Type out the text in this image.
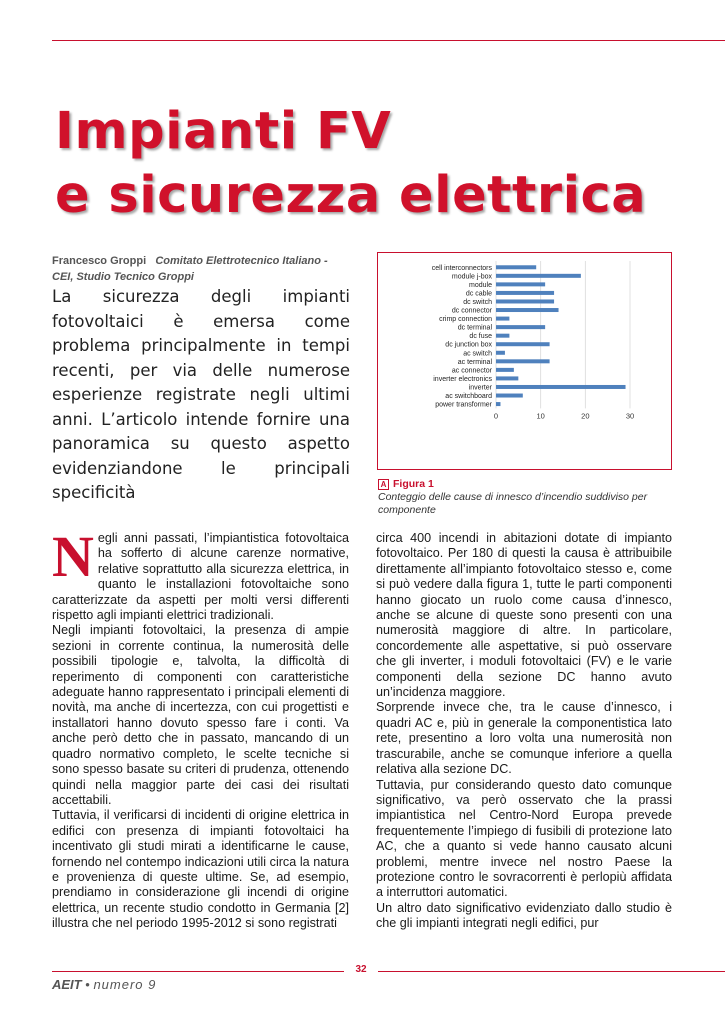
Impianti FV
e sicurezza elettrica
Francesco Groppi Comitato Elettrotecnico Italiano - CEI, Studio Tecnico Groppi

La sicurezza degli impianti fotovoltaici è emersa come problema principalmente in tempi recenti, per via delle numerose esperienze registrate negli ultimi anni. L’articolo intende fornire una panoramica su questo aspetto evidenziandone le principali specificità

0	10	20	30
cell interconnectors
module j-box
module
dc cable
dc switch
dc connector
crimp connection
dc terminal
dc fuse
dc junction box
ac switch
ac terminal
ac connector
inverter electronics
inverter
ac switchboard
power transformer
A Figura 1
Conteggio delle cause di innesco d’incendio suddiviso per componente

Negli anni passati, l’impiantistica fotovoltaica ha sofferto di alcune carenze normative, relative soprattutto alla sicurezza elettrica, in quanto le installazioni fotovoltaiche sono caratterizzate da aspetti per molti versi differenti rispetto agli impianti elettrici tradizionali.

Negli impianti fotovoltaici, la presenza di ampie sezioni in corrente continua, la numerosità delle possibili tipologie e, talvolta, la difficoltà di reperimento di componenti con caratteristiche adeguate hanno rappresentato i principali elementi di novità, ma anche di incertezza, con cui progettisti e installatori hanno dovuto spesso fare i conti. Va anche però detto che in passato, mancando di un quadro normativo completo, le scelte tecniche si sono spesso basate su criteri di prudenza, ottenendo quindi nella maggior parte dei casi dei risultati accettabili.

Tuttavia, il verificarsi di incidenti di origine elettrica in edifici con presenza di impianti fotovoltaici ha incentivato gli studi mirati a identificarne le cause, fornendo nel contempo indicazioni utili circa la natura e provenienza di queste ultime. Se, ad esempio, prendiamo in considerazione gli incendi di origine elettrica, un recente studio condotto in Germania [2] illustra che nel periodo 1995-2012 si sono registrati

circa 400 incendi in abitazioni dotate di impianto fotovoltaico. Per 180 di questi la causa è attribuibile direttamente all’impianto fotovoltaico stesso e, come si può vedere dalla figura 1, tutte le parti componenti hanno giocato un ruolo come causa d’innesco, anche se alcune di queste sono presenti con una numerosità maggiore di altre. In particolare, concordemente alle aspettative, si può osservare che gli inverter, i moduli fotovoltaici (FV) e le varie componenti della sezione DC hanno avuto un’incidenza maggiore.

Sorprende invece che, tra le cause d’innesco, i quadri AC e, più in generale la componentistica lato rete, presentino a loro volta una numerosità non trascurabile, anche se comunque inferiore a quella relativa alla sezione DC.

Tuttavia, pur considerando questo dato comunque significativo, va però osservato che la prassi impiantistica nel Centro-Nord Europa prevede frequentemente l’impiego di fusibili di protezione lato AC, che a quanto si vede hanno causato alcuni problemi, mentre invece nel nostro Paese la protezione contro le sovracorrenti è perlopiù affidata a interruttori automatici.

Un altro dato significativo evidenziato dallo studio è che gli impianti integrati negli edifici, pur

32
AEIT • numero 9
